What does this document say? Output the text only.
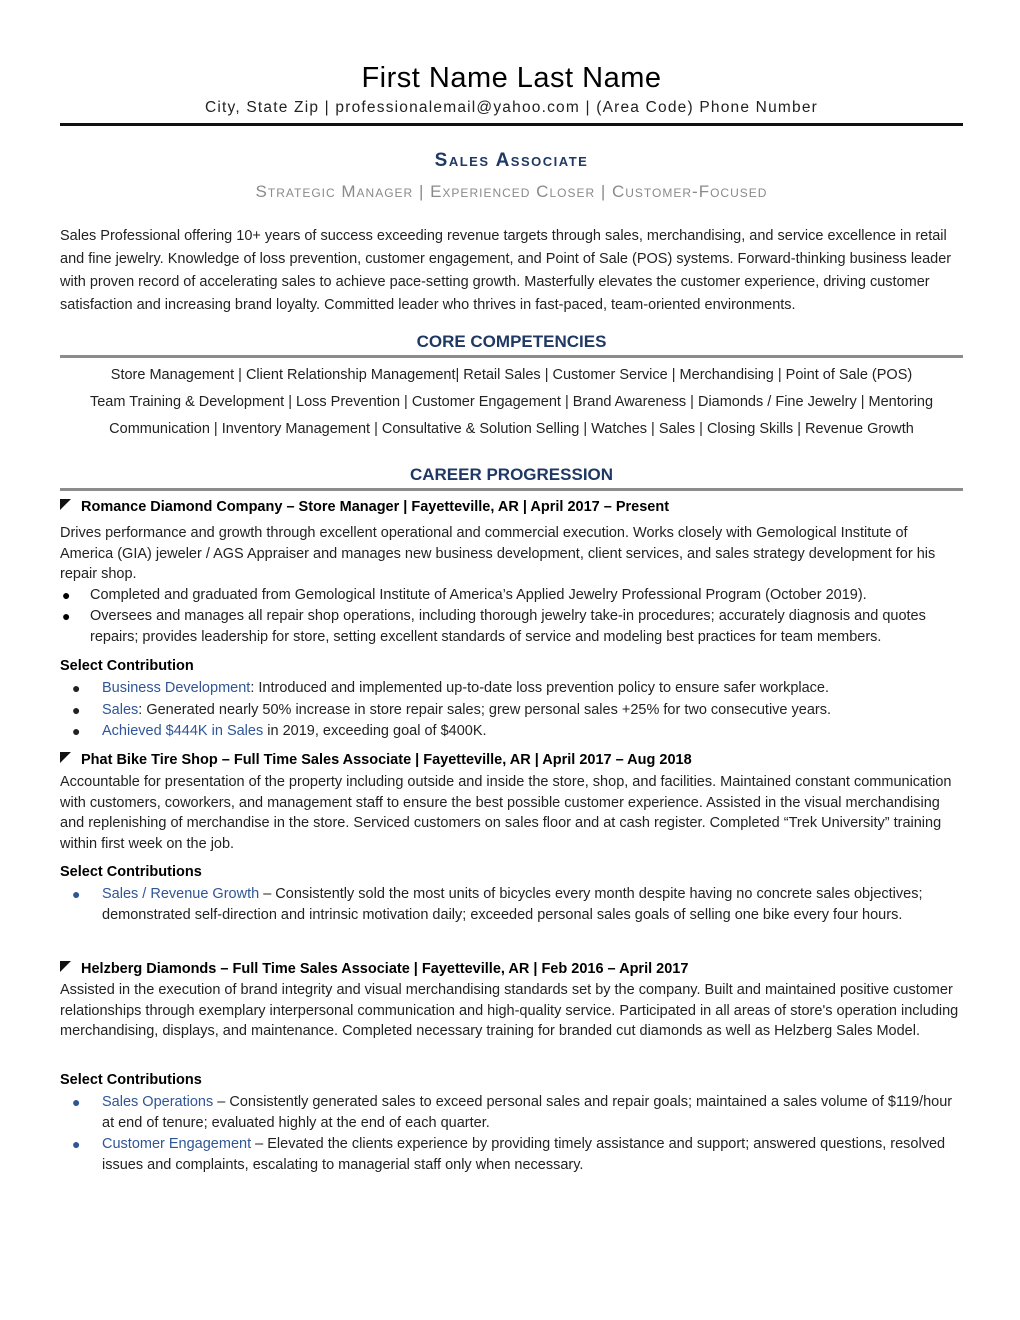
First Name Last Name
City, State Zip | professionalemail@yahoo.com | (Area Code) Phone Number
Sales Associate
Strategic Manager | Experienced Closer | Customer-Focused
Sales Professional offering 10+ years of success exceeding revenue targets through sales, merchandising, and service excellence in retail and fine jewelry. Knowledge of loss prevention, customer engagement, and Point of Sale (POS) systems. Forward-thinking business leader with proven record of accelerating sales to achieve pace-setting growth. Masterfully elevates the customer experience, driving customer satisfaction and increasing brand loyalty. Committed leader who thrives in fast-paced, team-oriented environments.
CORE COMPETENCIES
Store Management | Client Relationship Management| Retail Sales | Customer Service | Merchandising | Point of Sale (POS)
Team Training & Development | Loss Prevention | Customer Engagement | Brand Awareness | Diamonds / Fine Jewelry | Mentoring
Communication | Inventory Management | Consultative & Solution Selling | Watches | Sales | Closing Skills | Revenue Growth
CAREER PROGRESSION
Romance Diamond Company – Store Manager | Fayetteville, AR | April 2017 – Present
Drives performance and growth through excellent operational and commercial execution. Works closely with Gemological Institute of America (GIA) jeweler / AGS Appraiser and manages new business development, client services, and sales strategy development for his repair shop.
● Completed and graduated from Gemological Institute of America’s Applied Jewelry Professional Program (October 2019).
● Oversees and manages all repair shop operations, including thorough jewelry take-in procedures; accurately diagnosis and quotes repairs; provides leadership for store, setting excellent standards of service and modeling best practices for team members.
Select Contribution
● Business Development: Introduced and implemented up-to-date loss prevention policy to ensure safer workplace.
● Sales: Generated nearly 50% increase in store repair sales; grew personal sales +25% for two consecutive years.
● Achieved $444K in Sales in 2019, exceeding goal of $400K.
Phat Bike Tire Shop – Full Time Sales Associate | Fayetteville, AR | April 2017 – Aug 2018
Accountable for presentation of the property including outside and inside the store, shop, and facilities. Maintained constant communication with customers, coworkers, and management staff to ensure the best possible customer experience. Assisted in the visual merchandising and replenishing of merchandise in the store. Serviced customers on sales floor and at cash register. Completed “Trek University” training within first week on the job.
Select Contributions
● Sales / Revenue Growth – Consistently sold the most units of bicycles every month despite having no concrete sales objectives; demonstrated self-direction and intrinsic motivation daily; exceeded personal sales goals of selling one bike every four hours.
Helzberg Diamonds – Full Time Sales Associate | Fayetteville, AR | Feb 2016 – April 2017
Assisted in the execution of brand integrity and visual merchandising standards set by the company. Built and maintained positive customer relationships through exemplary interpersonal communication and high-quality service. Participated in all areas of store's operation including merchandising, displays, and maintenance. Completed necessary training for branded cut diamonds as well as Helzberg Sales Model.
Select Contributions
● Sales Operations – Consistently generated sales to exceed personal sales and repair goals; maintained a sales volume of $119/hour at end of tenure; evaluated highly at the end of each quarter.
● Customer Engagement – Elevated the clients experience by providing timely assistance and support; answered questions, resolved issues and complaints, escalating to managerial staff only when necessary.
